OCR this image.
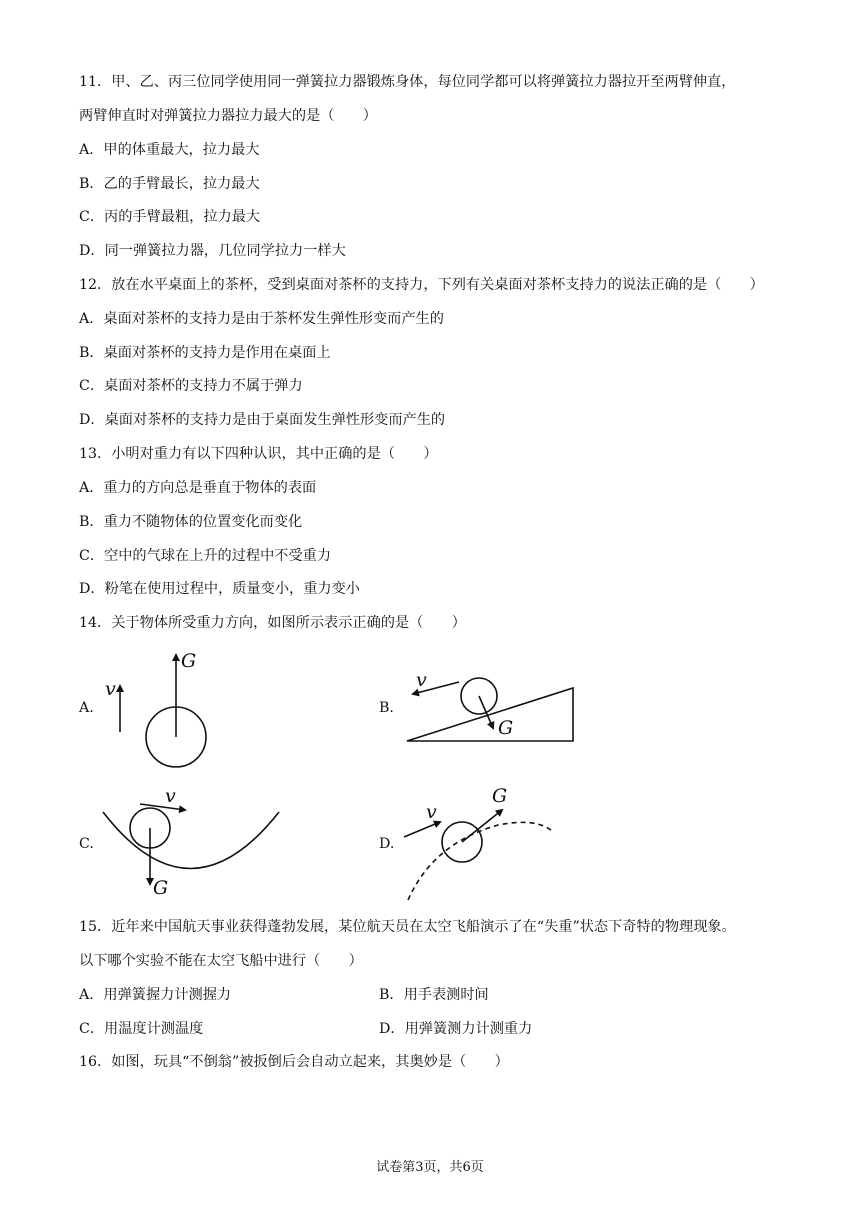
11．甲、乙、丙三位同学使用同一弹簧拉力器锻炼身体，每位同学都可以将弹簧拉力器拉开至两臂伸直，
两臂伸直时对弹簧拉力器拉力最大的是（　　）
A．甲的体重最大，拉力最大
B．乙的手臂最长，拉力最大
C．丙的手臂最粗，拉力最大
D．同一弹簧拉力器，几位同学拉力一样大
12．放在水平桌面上的茶杯，受到桌面对茶杯的支持力，下列有关桌面对茶杯支持力的说法正确的是（　　）
A．桌面对茶杯的支持力是由于茶杯发生弹性形变而产生的
B．桌面对茶杯的支持力是作用在桌面上
C．桌面对茶杯的支持力不属于弹力
D．桌面对茶杯的支持力是由于桌面发生弹性形变而产生的
13．小明对重力有以下四种认识，其中正确的是（　　）
A．重力的方向总是垂直于物体的表面
B．重力不随物体的位置变化而变化
C．空中的气球在上升的过程中不受重力
D．粉笔在使用过程中，质量变小，重力变小
14．关于物体所受重力方向，如图所示表示正确的是（　　）
A.
v
G
B.
v
G
C.
v
G
D.
v
G
15．近年来中国航天事业获得蓬勃发展，某位航天员在太空飞船演示了在“失重”状态下奇特的物理现象。
以下哪个实验不能在太空飞船中进行（　　）
A．用弹簧握力计测握力	B．用手表测时间
C．用温度计测温度	D．用弹簧测力计测重力
16．如图，玩具“不倒翁”被扳倒后会自动立起来，其奥妙是（　　）
试卷第3页，共6页
